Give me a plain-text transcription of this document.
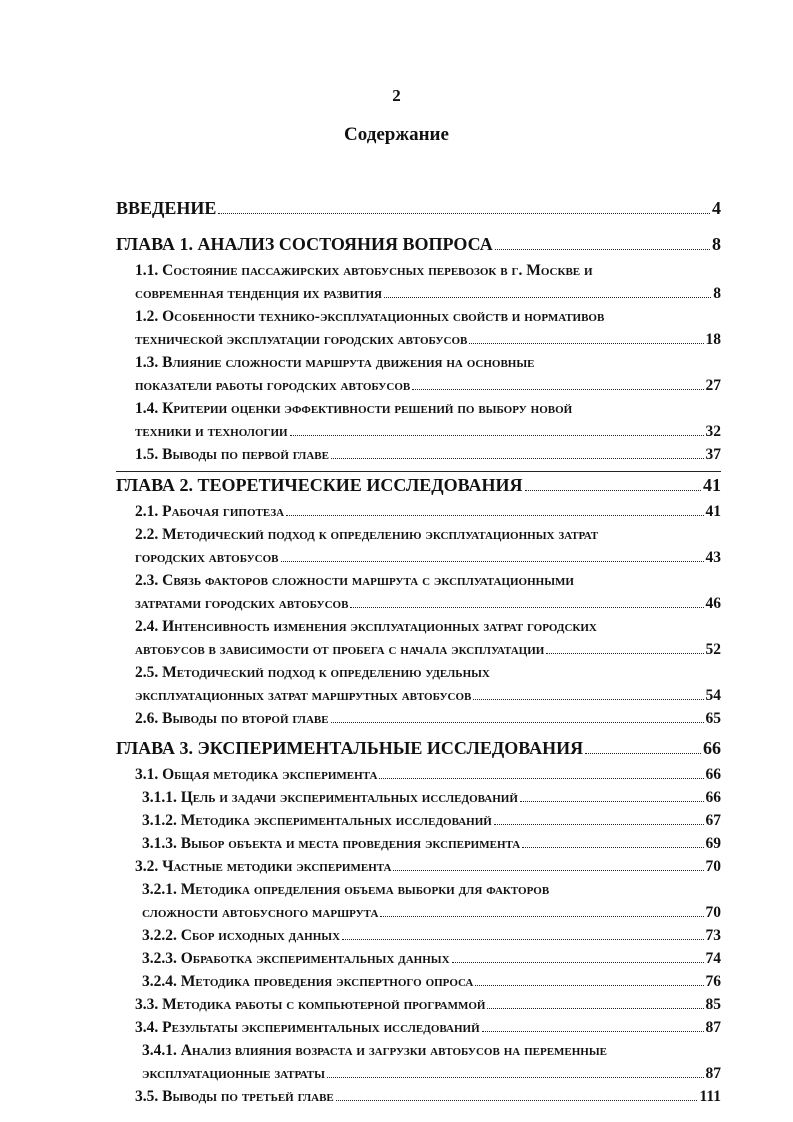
2
Содержание
ВВЕДЕНИЕ	4
ГЛАВА 1. АНАЛИЗ СОСТОЯНИЯ ВОПРОСА	8
1.1. Состояние пассажирских автобусных перевозок в г. Москве и
современная тенденция их развития	8
1.2. Особенности технико-эксплуатационных свойств и нормативов
технической эксплуатации городских автобусов	18
1.3. Влияние сложности маршрута движения на основные
показатели работы городских автобусов	27
1.4. Критерии оценки эффективности решений по выбору новой
техники и технологии	32
1.5. Выводы по первой главе	37
ГЛАВА 2. ТЕОРЕТИЧЕСКИЕ ИССЛЕДОВАНИЯ	41
2.1. Рабочая гипотеза	41
2.2. Методический подход к определению эксплуатационных затрат
городских автобусов	43
2.3. Связь факторов сложности маршрута с эксплуатационными
затратами городских автобусов	46
2.4. Интенсивность изменения эксплуатационных затрат городских
автобусов в зависимости от пробега с начала эксплуатации	52
2.5. Методический подход к определению удельных
эксплуатационных затрат маршрутных автобусов	54
2.6. Выводы по второй главе	65
ГЛАВА 3. ЭКСПЕРИМЕНТАЛЬНЫЕ ИССЛЕДОВАНИЯ	66
3.1. Общая методика эксперимента	66
3.1.1. Цель и задачи экспериментальных исследований	66
3.1.2. Методика экспериментальных исследований	67
3.1.3. Выбор объекта и места проведения эксперимента	69
3.2. Частные методики эксперимента	70
3.2.1. Методика определения объема выборки для факторов
сложности автобусного маршрута	70
3.2.2. Сбор исходных данных	73
3.2.3. Обработка экспериментальных данных	74
3.2.4. Методика проведения экспертного опроса	76
3.3. Методика работы с компьютерной программой	85
3.4. Результаты экспериментальных исследований	87
3.4.1. Анализ влияния возраста и загрузки автобусов на переменные
эксплуатационные затраты	87
3.5. Выводы по третьей главе	111
